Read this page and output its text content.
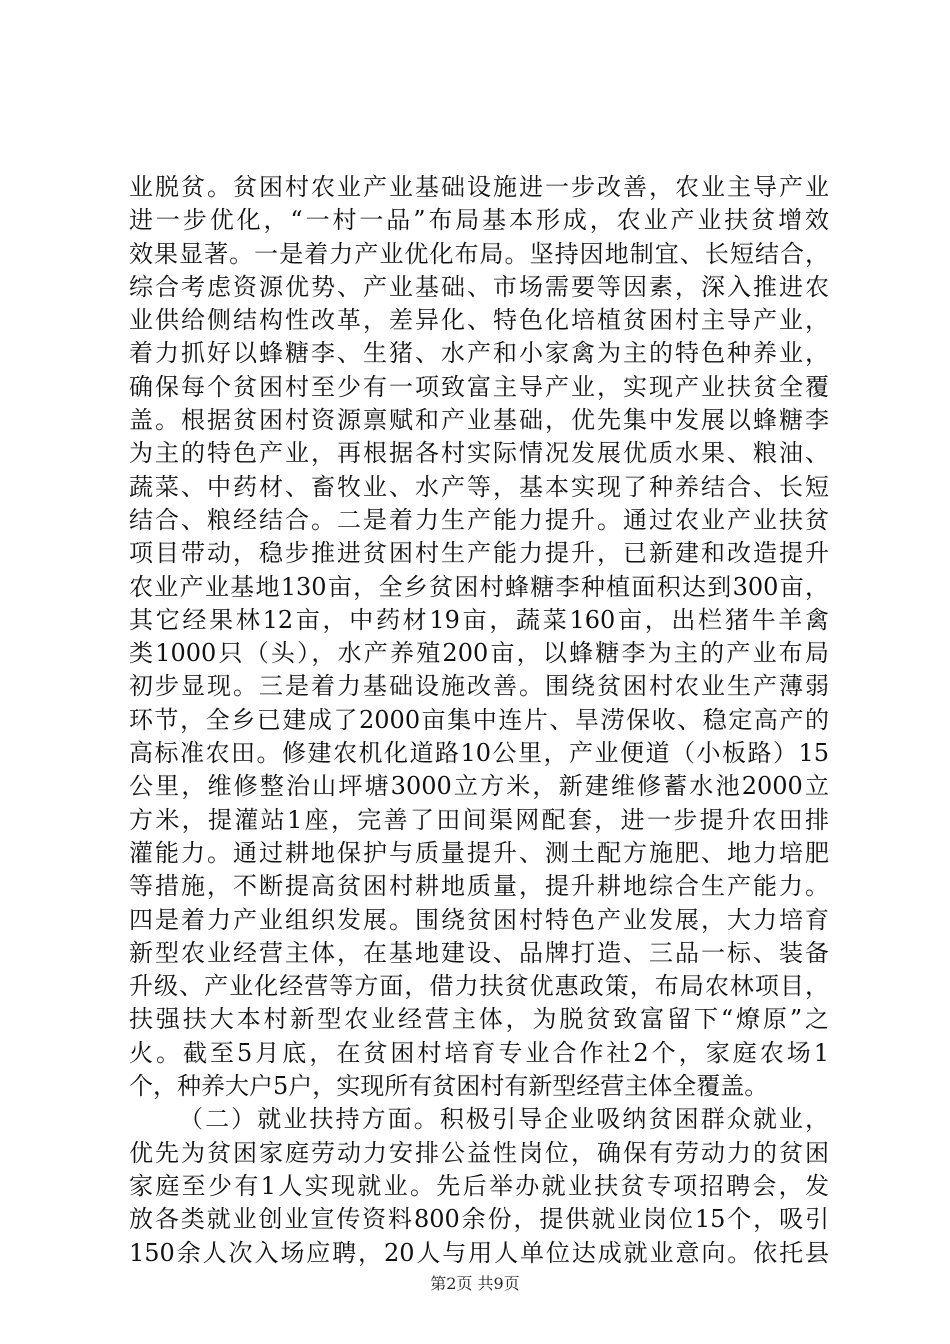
业脱贫。贫困村农业产业基础设施进一步改善，农业主导产业
进一步优化，“一村一品”布局基本形成，农业产业扶贫增效
效果显著。一是着力产业优化布局。坚持因地制宜、长短结合，
综合考虑资源优势、产业基础、市场需要等因素，深入推进农
业供给侧结构性改革，差异化、特色化培植贫困村主导产业，
着力抓好以蜂糖李、生猪、水产和小家禽为主的特色种养业，
确保每个贫困村至少有一项致富主导产业，实现产业扶贫全覆
盖。根据贫困村资源禀赋和产业基础，优先集中发展以蜂糖李
为主的特色产业，再根据各村实际情况发展优质水果、粮油、
蔬菜、中药材、畜牧业、水产等，基本实现了种养结合、长短
结合、粮经结合。二是着力生产能力提升。通过农业产业扶贫
项目带动，稳步推进贫困村生产能力提升，已新建和改造提升
农业产业基地130亩，全乡贫困村蜂糖李种植面积达到300亩，
其它经果林12亩，中药材19亩，蔬菜160亩，出栏猪牛羊禽
类1000只（头），水产养殖200亩，以蜂糖李为主的产业布局
初步显现。三是着力基础设施改善。围绕贫困村农业生产薄弱
环节，全乡已建成了2000亩集中连片、旱涝保收、稳定高产的
高标准农田。修建农机化道路10公里，产业便道（小板路）15
公里，维修整治山坪塘3000立方米，新建维修蓄水池2000立
方米，提灌站1座，完善了田间渠网配套，进一步提升农田排
灌能力。通过耕地保护与质量提升、测土配方施肥、地力培肥
等措施，不断提高贫困村耕地质量，提升耕地综合生产能力。
四是着力产业组织发展。围绕贫困村特色产业发展，大力培育
新型农业经营主体，在基地建设、品牌打造、三品一标、装备
升级、产业化经营等方面，借力扶贫优惠政策，布局农林项目，
扶强扶大本村新型农业经营主体，为脱贫致富留下“燎原”之
火。截至5月底，在贫困村培育专业合作社2个，家庭农场1
个，种养大户5户，实现所有贫困村有新型经营主体全覆盖。
（二）就业扶持方面。积极引导企业吸纳贫困群众就业，
优先为贫困家庭劳动力安排公益性岗位，确保有劳动力的贫困
家庭至少有1人实现就业。先后举办就业扶贫专项招聘会，发
放各类就业创业宣传资料800余份，提供就业岗位15个，吸引
150余人次入场应聘，20人与用人单位达成就业意向。依托县
第2页 共9页
